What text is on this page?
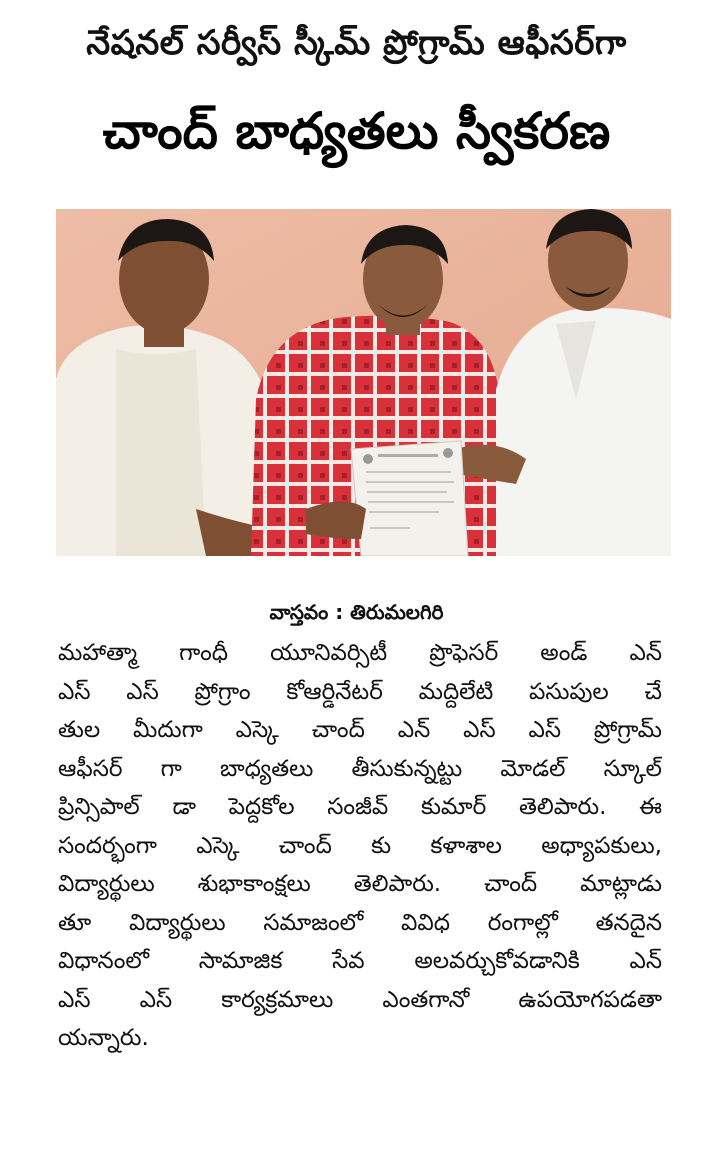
నేషనల్ సర్వీస్ స్కీమ్ ప్రోగ్రామ్ ఆఫీసర్‌గా
చాంద్ బాధ్యతలు స్వీకరణ
వాస్తవం : తిరుమలగిరి
మహాత్మా గాంధీ యూనివర్సిటీ ప్రొఫెసర్ అండ్ ఎన్
ఎస్ ఎస్ ప్రోగ్రాం కోఆర్డినేటర్ మద్దిలేటి పసుపుల చే
తుల మీదుగా ఎస్కె చాంద్ ఎన్ ఎస్ ఎస్ ప్రోగ్రామ్
ఆఫీసర్ గా బాధ్యతలు తీసుకున్నట్టు మోడల్ స్కూల్
ప్రిన్సిపాల్ డా పెద్దకోల సంజీవ్ కుమార్ తెలిపారు. ఈ
సందర్భంగా ఎస్కె చాంద్ కు కళాశాల అధ్యాపకులు,
విద్యార్థులు శుభాకాంక్షలు తెలిపారు. చాంద్ మాట్లాడు
తూ విద్యార్థులు సమాజంలో వివిధ రంగాల్లో తనదైన
విధానంలో సామాజిక సేవ అలవర్చుకోవడానికి ఎన్
ఎస్ ఎస్ కార్యక్రమాలు ఎంతగానో ఉపయోగపడతా
యన్నారు.
